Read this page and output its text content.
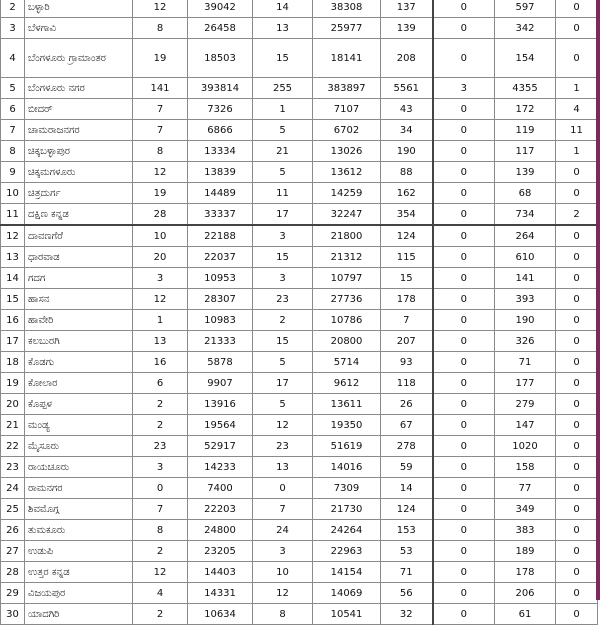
2	ಬಳ್ಳಾರಿ	12	39042	14	38308	137	0	597	0
3	ಬೆಳಗಾವಿ	8	26458	13	25977	139	0	342	0
4	ಬೆಂಗಳೂರು ಗ್ರಾಮಾಂತರ	19	18503	15	18141	208	0	154	0
5	ಬೆಂಗಳೂರು ನಗರ	141	393814	255	383897	5561	3	4355	1
6	ಬೀದರ್	7	7326	1	7107	43	0	172	4
7	ಚಾಮರಾಜನಗರ	7	6866	5	6702	34	0	119	11
8	ಚಿಕ್ಕಬಳ್ಳಾಪುರ	8	13334	21	13026	190	0	117	1
9	ಚಿಕ್ಕಮಗಳೂರು	12	13839	5	13612	88	0	139	0
10	ಚಿತ್ರದುರ್ಗ	19	14489	11	14259	162	0	68	0
11	ದಕ್ಷಿಣ ಕನ್ನಡ	28	33337	17	32247	354	0	734	2
12	ದಾವಣಗೆರೆ	10	22188	3	21800	124	0	264	0
13	ಧಾರವಾಡ	20	22037	15	21312	115	0	610	0
14	ಗದಗ	3	10953	3	10797	15	0	141	0
15	ಹಾಸನ	12	28307	23	27736	178	0	393	0
16	ಹಾವೇರಿ	1	10983	2	10786	7	0	190	0
17	ಕಲಬುರಗಿ	13	21333	15	20800	207	0	326	0
18	ಕೊಡಗು	16	5878	5	5714	93	0	71	0
19	ಕೋಲಾರ	6	9907	17	9612	118	0	177	0
20	ಕೊಪ್ಪಳ	2	13916	5	13611	26	0	279	0
21	ಮಂಡ್ಯ	2	19564	12	19350	67	0	147	0
22	ಮೈಸೂರು	23	52917	23	51619	278	0	1020	0
23	ರಾಯಚೂರು	3	14233	13	14016	59	0	158	0
24	ರಾಮನಗರ	0	7400	0	7309	14	0	77	0
25	ಶಿವಮೊಗ್ಗ	7	22203	7	21730	124	0	349	0
26	ತುಮಕೂರು	8	24800	24	24264	153	0	383	0
27	ಉಡುಪಿ	2	23205	3	22963	53	0	189	0
28	ಉತ್ತರ ಕನ್ನಡ	12	14403	10	14154	71	0	178	0
29	ವಿಜಯಪುರ	4	14331	12	14069	56	0	206	0
30	ಯಾದಗಿರಿ	2	10634	8	10541	32	0	61	0
